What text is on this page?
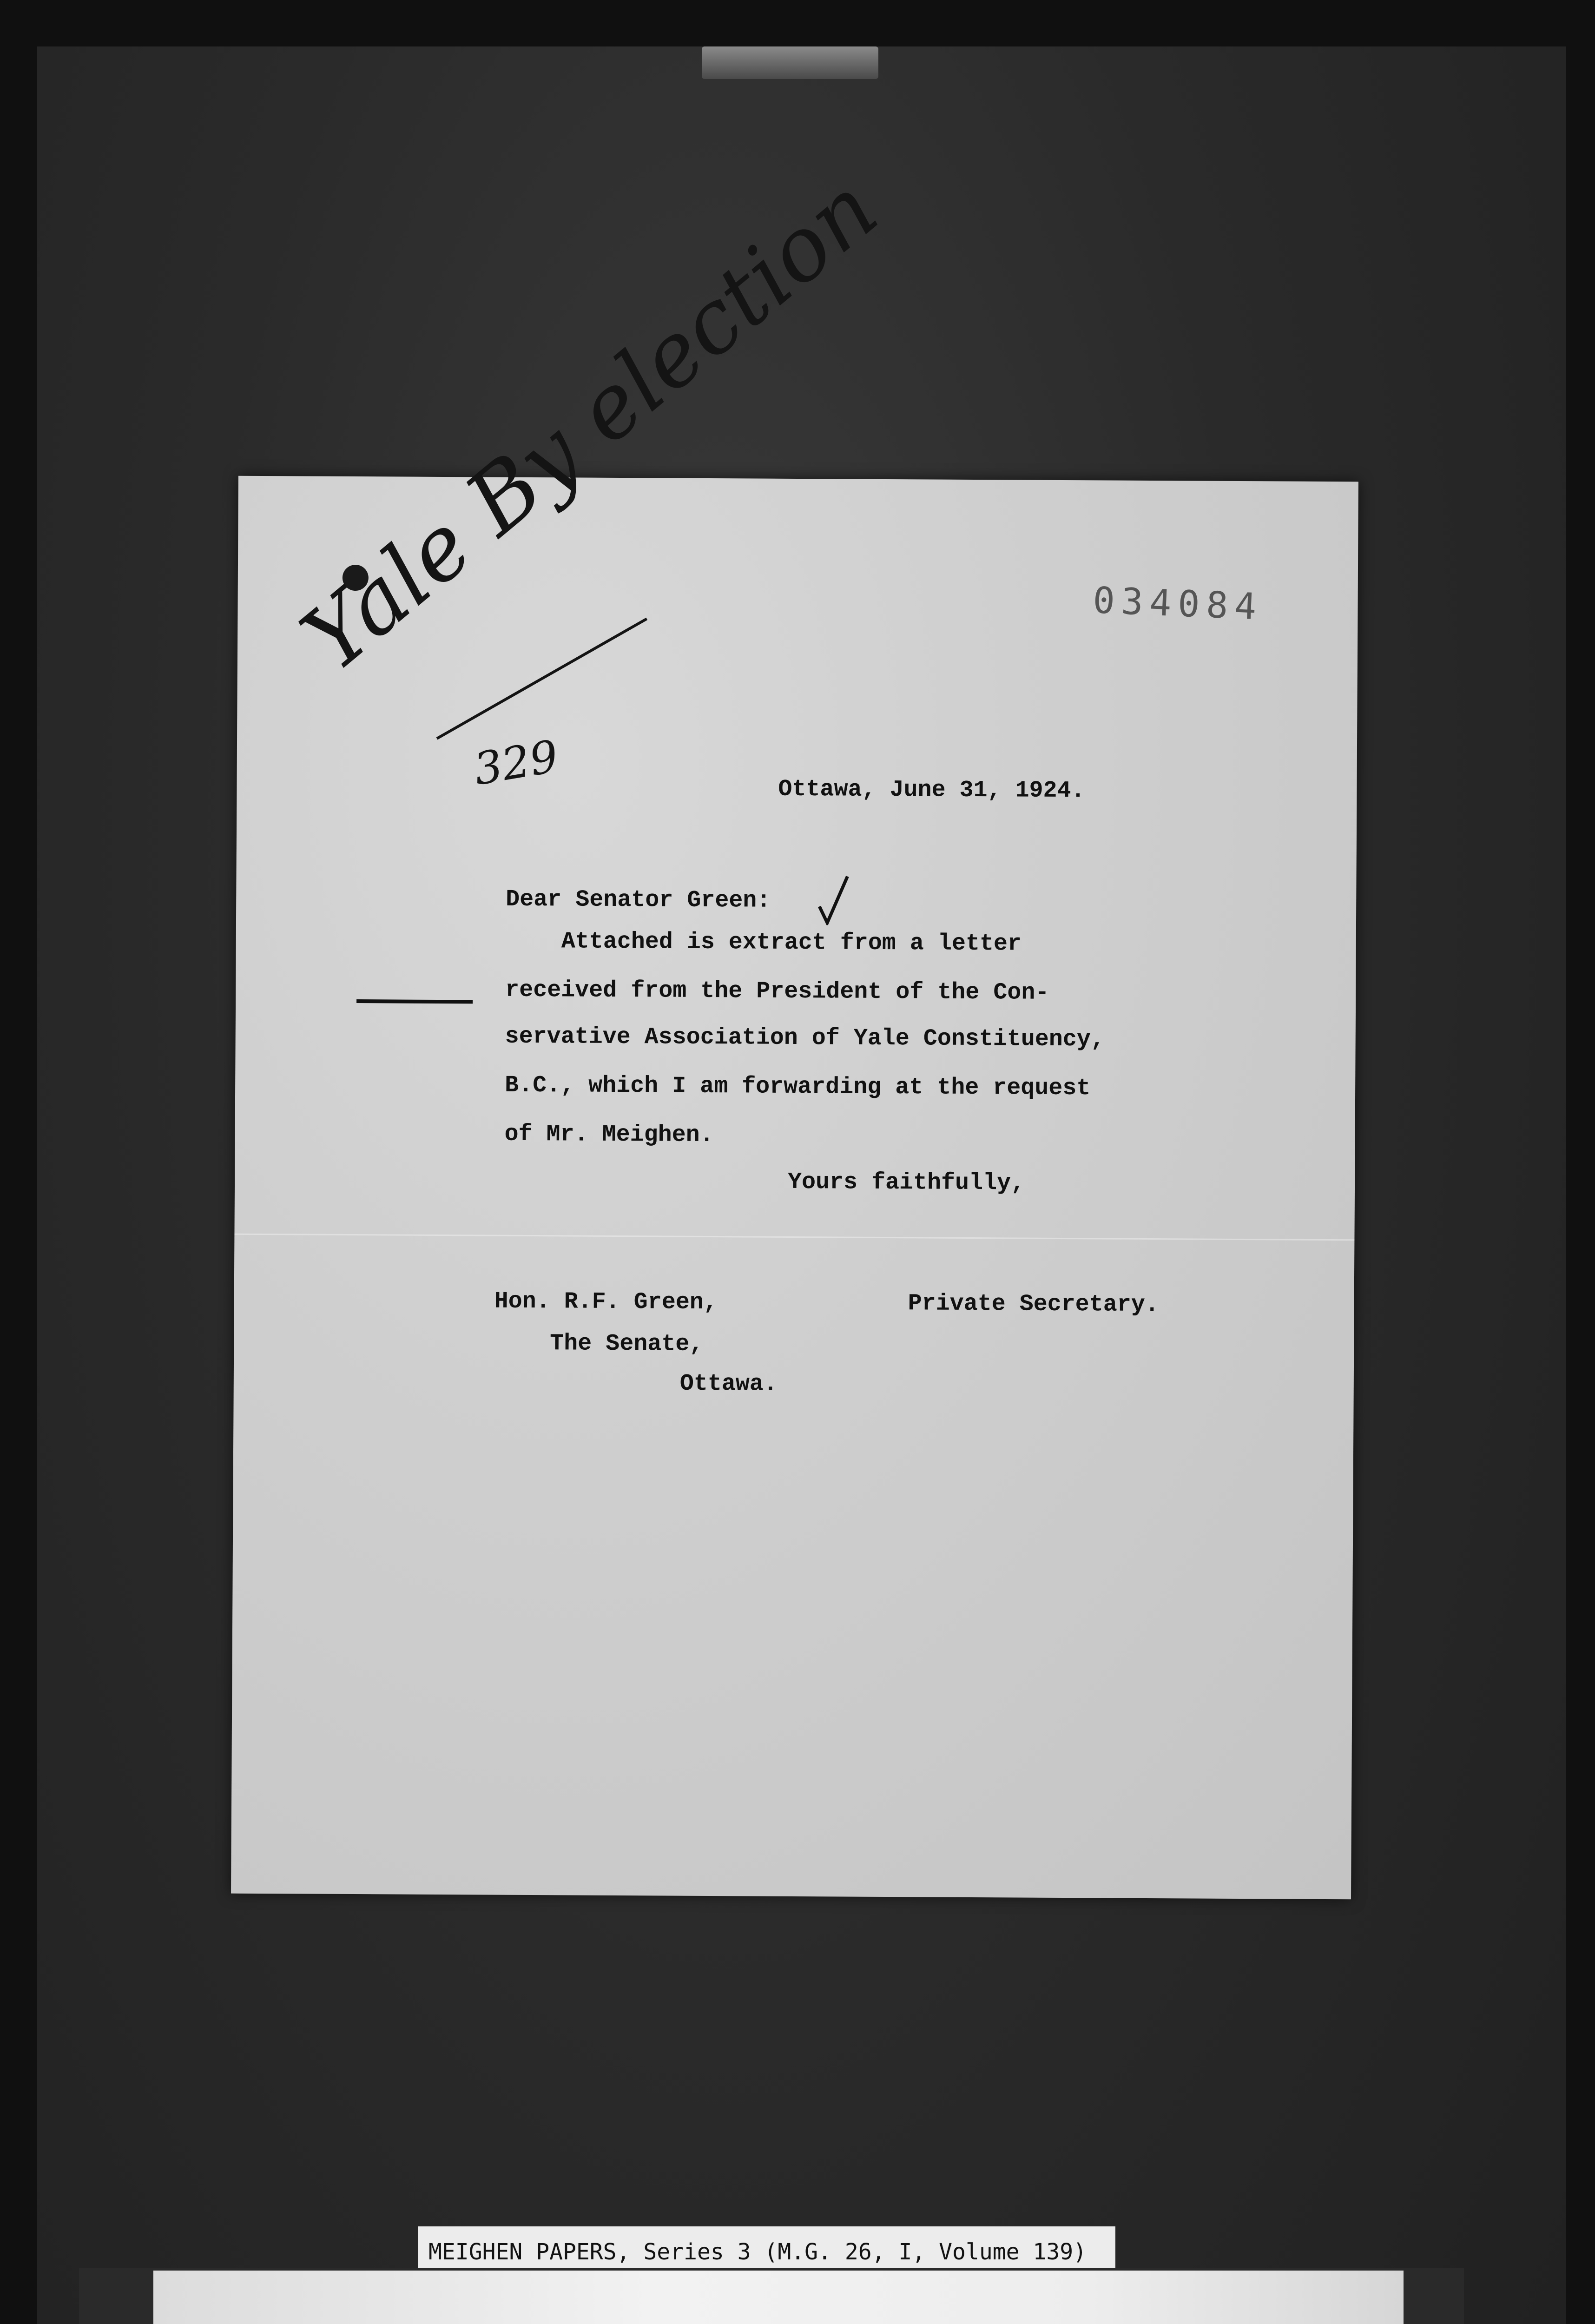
034084
Yale By election
329	Ottawa, June 31, 1924.
Dear Senator Green:
Attached is extract from a letter
received from the President of the Con-
servative Association of Yale Constituency,
B.C., which I am forwarding at the request
of Mr. Meighen.
Yours faithfully,
Hon. R.F. Green,
The Senate,
Ottawa.
Private Secretary.
MEIGHEN PAPERS, Series 3 (M.G. 26, I, Volume 139)
